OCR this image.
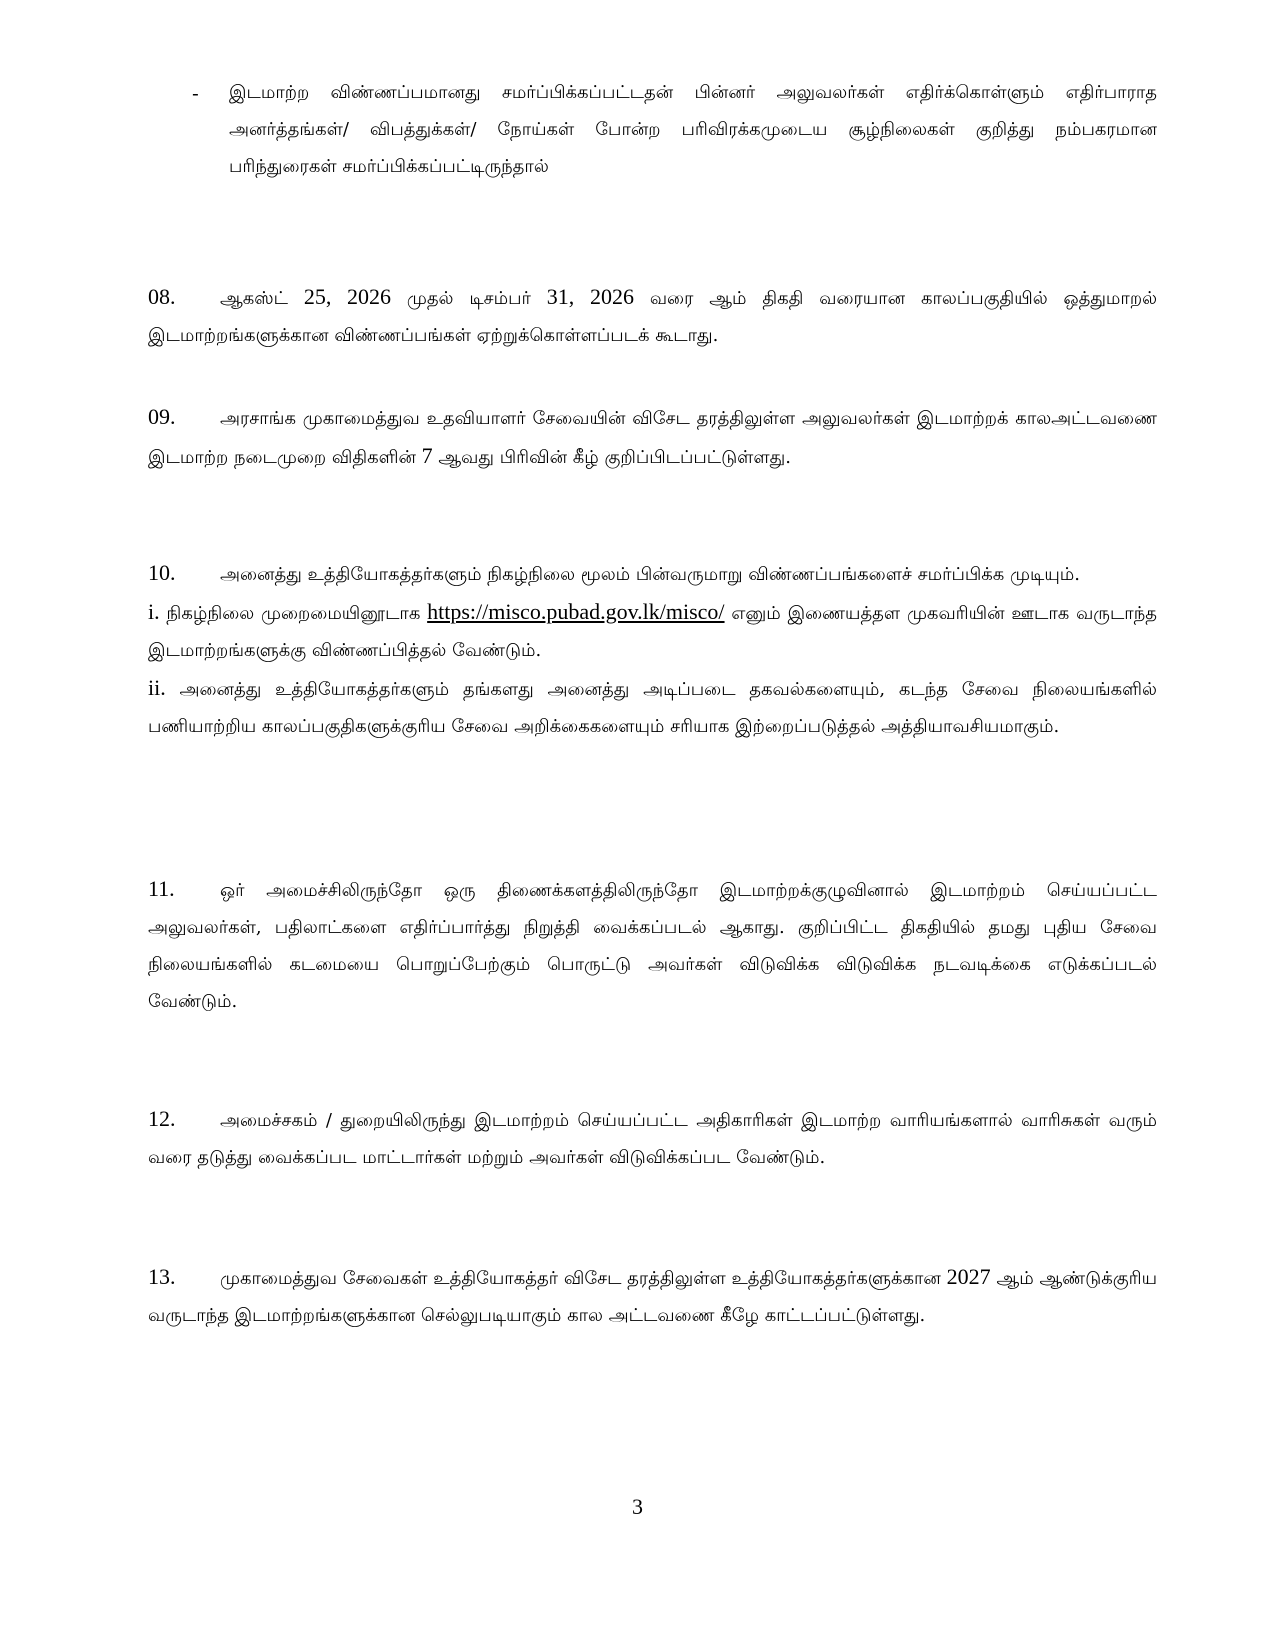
- இடமாற்ற விண்ணப்பமானது சமர்ப்பிக்கப்பட்டதன் பின்னர் அலுவலர்கள் எதிர்க்கொள்ளும் எதிர்பாராத அனர்த்தங்கள்/ விபத்துக்கள்/ நோய்கள் போன்ற பரிவிரக்கமுடைய சூழ்நிலைகள் குறித்து நம்பகரமான பரிந்துரைகள் சமர்ப்பிக்கப்பட்டிருந்தால்

08. ஆகஸ்ட் 25, 2026 முதல் டிசம்பர் 31, 2026 வரை ஆம் திகதி வரையான காலப்பகுதியில் ஒத்துமாறல் இடமாற்றங்களுக்கான விண்ணப்பங்கள் ஏற்றுக்கொள்ளப்படக் கூடாது.

09. அரசாங்க முகாமைத்துவ உதவியாளர் சேவையின் விசேட தரத்திலுள்ள அலுவலர்கள் இடமாற்றக் காலஅட்டவணை இடமாற்ற நடைமுறை விதிகளின் 7 ஆவது பிரிவின் கீழ் குறிப்பிடப்பட்டுள்ளது.

10. அனைத்து உத்தியோகத்தர்களும் நிகழ்நிலை மூலம் பின்வருமாறு விண்ணப்பங்களைச் சமர்ப்பிக்க முடியும்.

i. நிகழ்நிலை முறைமையினூடாக https://misco.pubad.gov.lk/misco/ எனும் இணையத்தள முகவரியின் ஊடாக வருடாந்த இடமாற்றங்களுக்கு விண்ணப்பித்தல் வேண்டும்.

ii. அனைத்து உத்தியோகத்தர்களும் தங்களது அனைத்து அடிப்படை தகவல்களையும், கடந்த சேவை நிலையங்களில் பணியாற்றிய காலப்பகுதிகளுக்குரிய சேவை அறிக்கைகளையும் சரியாக இற்றைப்படுத்தல் அத்தியாவசியமாகும்.

11.	ஒர் அமைச்சிலிருந்தோ ஒரு திணைக்களத்திலிருந்தோ இடமாற்றக்குழுவினால் இடமாற்றம் செய்யப்பட்ட அலுவலர்கள், பதிலாட்களை எதிர்ப்பார்த்து நிறுத்தி வைக்கப்படல் ஆகாது. குறிப்பிட்ட திகதியில் தமது புதிய சேவை நிலையங்களில் கடமையை பொறுப்பேற்கும் பொருட்டு அவர்கள் விடுவிக்க விடுவிக்க நடவடிக்கை எடுக்கப்படல் வேண்டும்.

12. அமைச்சகம் / துறையிலிருந்து இடமாற்றம் செய்யப்பட்ட அதிகாரிகள் இடமாற்ற வாரியங்களால் வாரிசுகள் வரும் வரை தடுத்து வைக்கப்பட மாட்டார்கள் மற்றும் அவர்கள் விடுவிக்கப்பட வேண்டும்.

13. முகாமைத்துவ சேவைகள் உத்தியோகத்தர் விசேட தரத்திலுள்ள உத்தியோகத்தர்களுக்கான 2027 ஆம் ஆண்டுக்குரிய வருடாந்த இடமாற்றங்களுக்கான செல்லுபடியாகும் கால அட்டவணை கீழே காட்டப்பட்டுள்ளது.

3
